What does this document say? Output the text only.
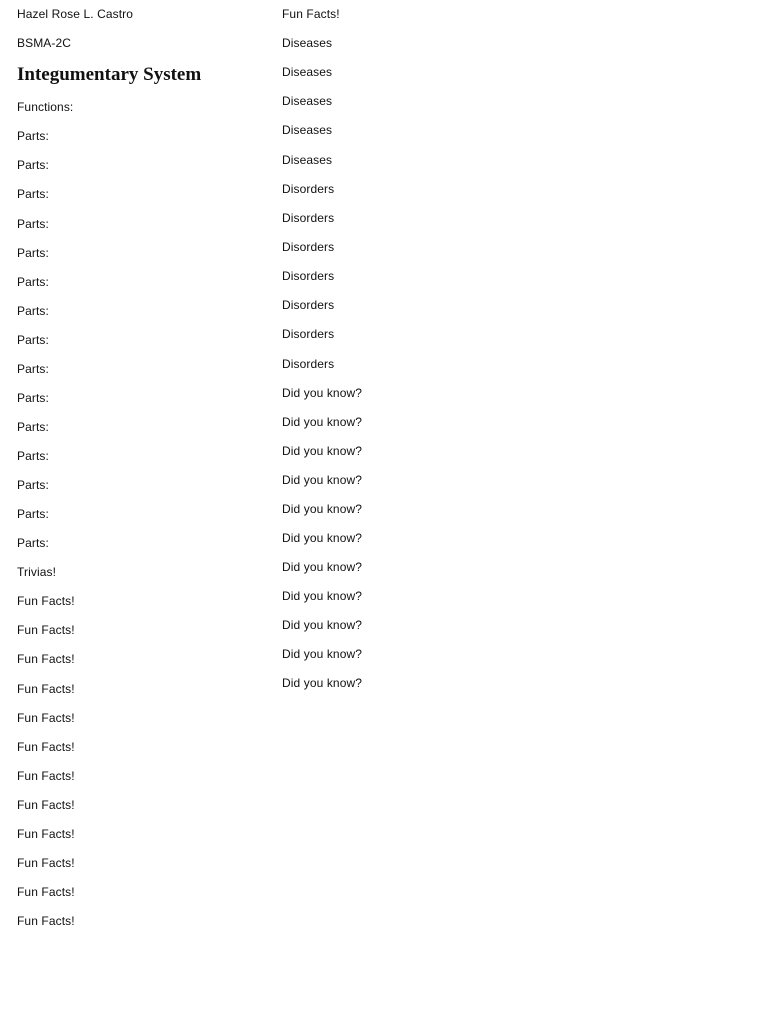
Hazel Rose L. Castro
BSMA-2C
Integumentary System
Functions:
Parts:
Parts:
Parts:
Parts:
Parts:
Parts:
Parts:
Parts:
Parts:
Parts:
Parts:
Parts:
Parts:
Parts:
Parts:
Trivias!
Fun Facts!
Fun Facts!
Fun Facts!
Fun Facts!
Fun Facts!
Fun Facts!
Fun Facts!
Fun Facts!
Fun Facts!
Fun Facts!
Fun Facts!
Fun Facts!
Fun Facts!
Diseases
Diseases
Diseases
Diseases
Diseases
Disorders
Disorders
Disorders
Disorders
Disorders
Disorders
Disorders
Did you know?
Did you know?
Did you know?
Did you know?
Did you know?
Did you know?
Did you know?
Did you know?
Did you know?
Did you know?
Did you know?
